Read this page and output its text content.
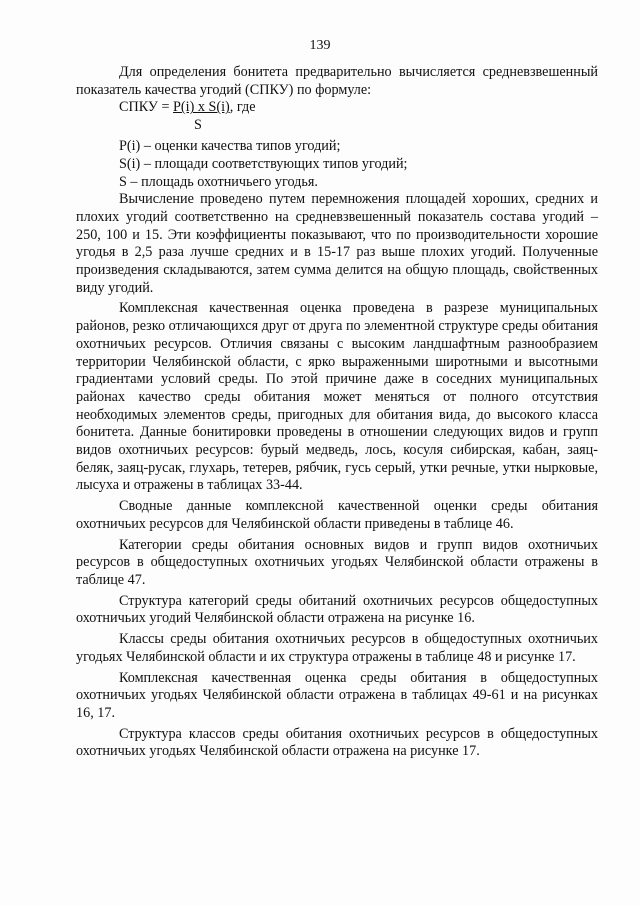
139

Для определения бонитета предварительно вычисляется средневзвешенный показатель качества угодий (СПКУ) по формуле:

СПКУ = P(i) x S(i), где

S

P(i) – оценки качества типов угодий;

S(i) – площади соответствующих типов угодий;

S – площадь охотничьего угодья.

Вычисление проведено путем перемножения площадей хороших, средних и плохих угодий соответственно на средневзвешенный показатель состава угодий – 250, 100 и 15. Эти коэффициенты показывают, что по производительности хорошие угодья в 2,5 раза лучше средних и в 15-17 раз выше плохих угодий. Полученные произведения складываются, затем сумма делится на общую площадь, свойственных виду угодий.

Комплексная качественная оценка проведена в разрезе муниципальных районов, резко отличающихся друг от друга по элементной структуре среды обитания охотничьих ресурсов. Отличия связаны с высоким ландшафтным разнообразием территории Челябинской области, с ярко выраженными широтными и высотными градиентами условий среды. По этой причине даже в соседних муниципальных районах качество среды обитания может меняться от полного отсутствия необходимых элементов среды, пригодных для обитания вида, до высокого класса бонитета. Данные бонитировки проведены в отношении следующих видов и групп видов охотничьих ресурсов: бурый медведь, лось, косуля сибирская, кабан, заяц-беляк, заяц-русак, глухарь, тетерев, рябчик, гусь серый, утки речные, утки нырковые, лысуха и отражены в таблицах 33-44.

Сводные данные комплексной качественной оценки среды обитания охотничьих ресурсов для Челябинской области приведены в таблице 46.

Категории среды обитания основных видов и групп видов охотничьих ресурсов в общедоступных охотничьих угодьях Челябинской области отражены в таблице 47.

Структура категорий среды обитаний охотничьих ресурсов общедоступных охотничьих угодий Челябинской области отражена на рисунке 16.

Классы среды обитания охотничьих ресурсов в общедоступных охотничьих угодьях Челябинской области и их структура отражены в таблице 48 и рисунке 17.

Комплексная качественная оценка среды обитания в общедоступных охотничьих угодьях Челябинской области отражена в таблицах 49-61 и на рисунках 16, 17.

Структура классов среды обитания охотничьих ресурсов в общедоступных охотничьих угодьях Челябинской области отражена на рисунке 17.
